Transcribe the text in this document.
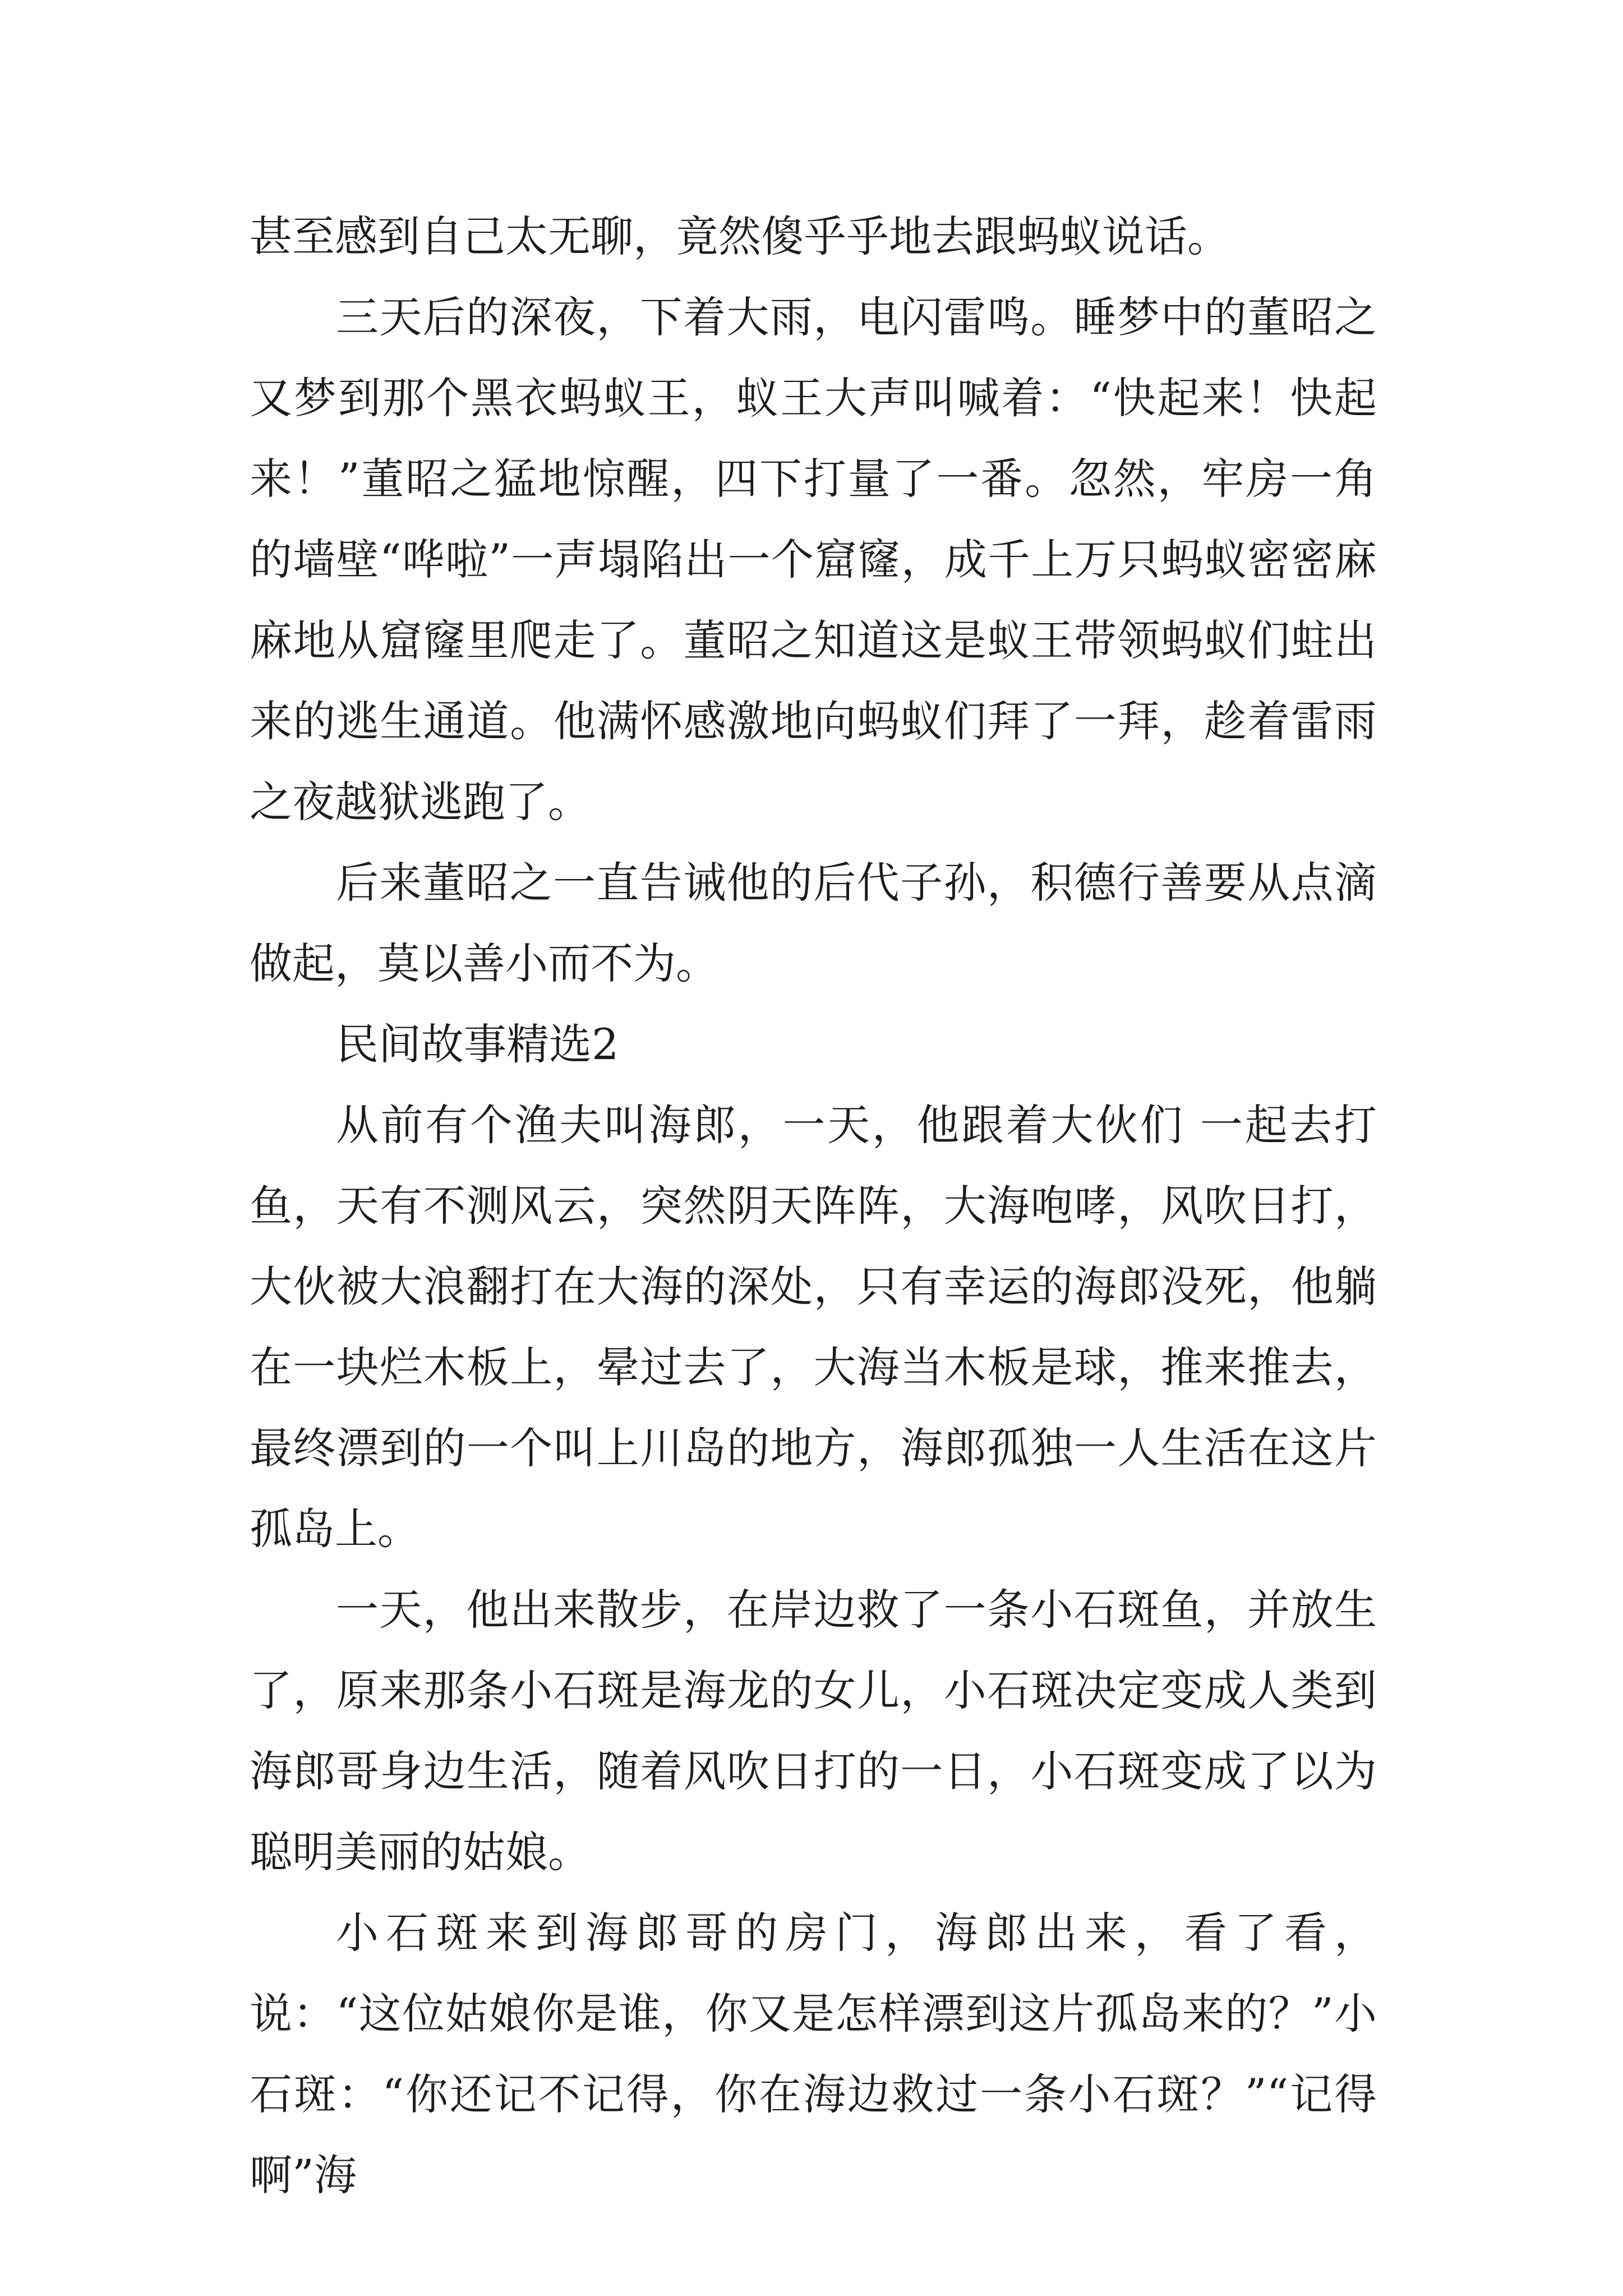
甚至感到自己太无聊，竟然傻乎乎地去跟蚂蚁说话。

三天后的深夜，下着大雨，电闪雷鸣。睡梦中的董昭之又梦到那个黑衣蚂蚁王，蚁王大声叫喊着：“快起来！快起来！”董昭之猛地惊醒，四下打量了一番。忽然，牢房一角的墙壁“哗啦”一声塌陷出一个窟窿，成千上万只蚂蚁密密麻麻地从窟窿里爬走了。董昭之知道这是蚁王带领蚂蚁们蛀出来的逃生通道。他满怀感激地向蚂蚁们拜了一拜，趁着雷雨之夜越狱逃跑了。

后来董昭之一直告诫他的后代子孙，积德行善要从点滴做起，莫以善小而不为。

民间故事精选2

从前有个渔夫叫海郎，一天，他跟着大伙们 一起去打鱼，天有不测风云，突然阴天阵阵，大海咆哮，风吹日打，大伙被大浪翻打在大海的深处，只有幸运的海郎没死，他躺在一块烂木板上，晕过去了，大海当木板是球，推来推去，最终漂到的一个叫上川岛的地方，海郎孤独一人生活在这片孤岛上。

一天，他出来散步，在岸边救了一条小石斑鱼，并放生了，原来那条小石斑是海龙的女儿，小石斑决定变成人类到海郎哥身边生活，随着风吹日打的一日，小石斑变成了以为聪明美丽的姑娘。

小石斑来到海郎哥的房门，海郎出来，看了看，说：“这位姑娘你是谁，你又是怎样漂到这片孤岛来的？”小石斑：“你还记不记得，你在海边救过一条小石斑？”“记得啊”海
